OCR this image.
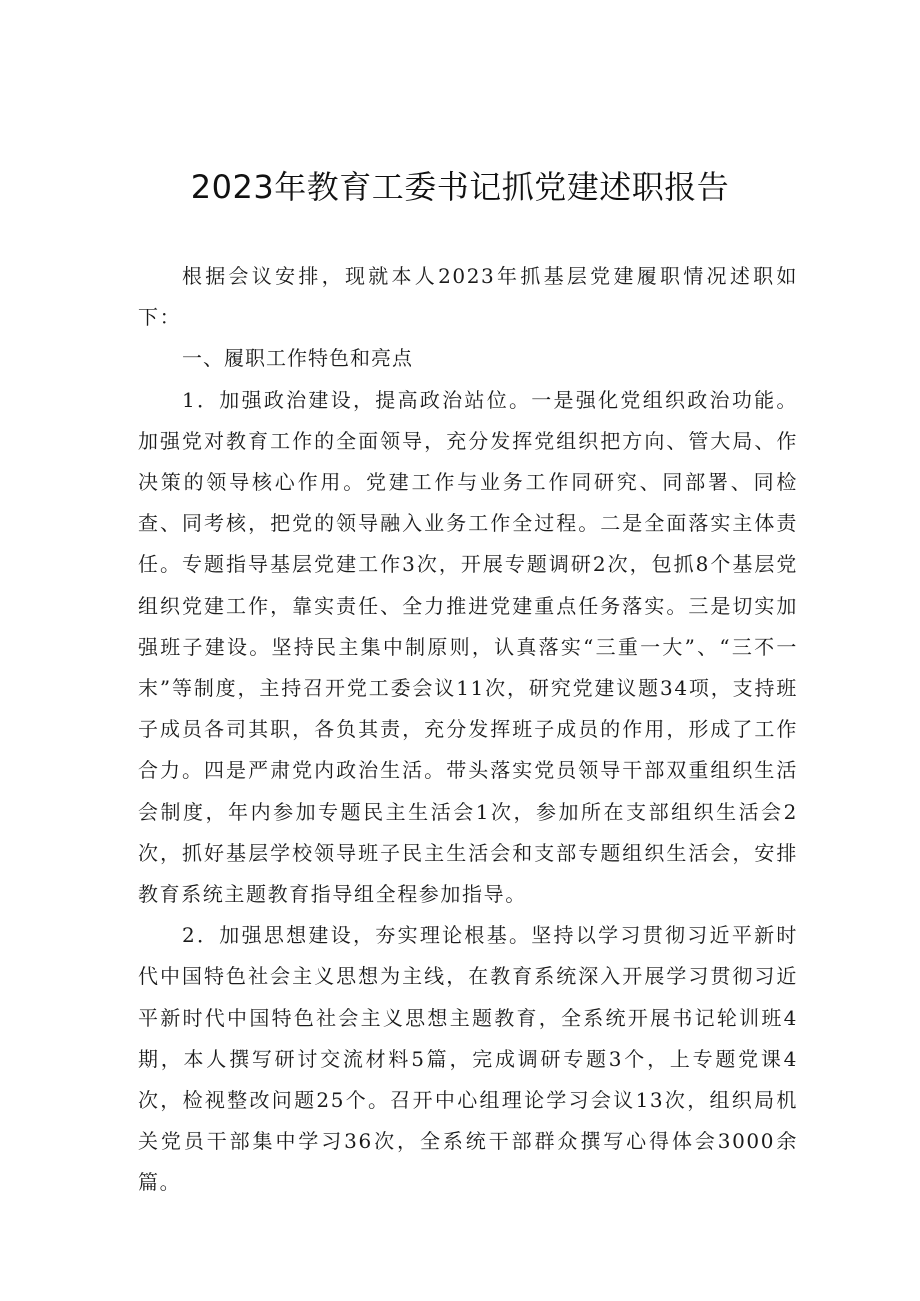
2023年教育工委书记抓党建述职报告

根据会议安排，现就本人2023年抓基层党建履职情况述职如下：

一、履职工作特色和亮点

1．加强政治建设，提高政治站位。一是强化党组织政治功能。加强党对教育工作的全面领导，充分发挥党组织把方向、管大局、作决策的领导核心作用。党建工作与业务工作同研究、同部署、同检查、同考核，把党的领导融入业务工作全过程。二是全面落实主体责任。专题指导基层党建工作3次，开展专题调研2次，包抓8个基层党组织党建工作，靠实责任、全力推进党建重点任务落实。三是切实加强班子建设。坚持民主集中制原则，认真落实“三重一大”、“三不一末”等制度，主持召开党工委会议11次，研究党建议题34项，支持班子成员各司其职，各负其责，充分发挥班子成员的作用，形成了工作合力。四是严肃党内政治生活。带头落实党员领导干部双重组织生活会制度，年内参加专题民主生活会1次，参加所在支部组织生活会2次，抓好基层学校领导班子民主生活会和支部专题组织生活会，安排教育系统主题教育指导组全程参加指导。

2．加强思想建设，夯实理论根基。坚持以学习贯彻习近平新时代中国特色社会主义思想为主线，在教育系统深入开展学习贯彻习近平新时代中国特色社会主义思想主题教育，全系统开展书记轮训班4期，本人撰写研讨交流材料5篇，完成调研专题3个，上专题党课4次，检视整改问题25个。召开中心组理论学习会议13次，组织局机关党员干部集中学习36次，全系统干部群众撰写心得体会3000余篇。
